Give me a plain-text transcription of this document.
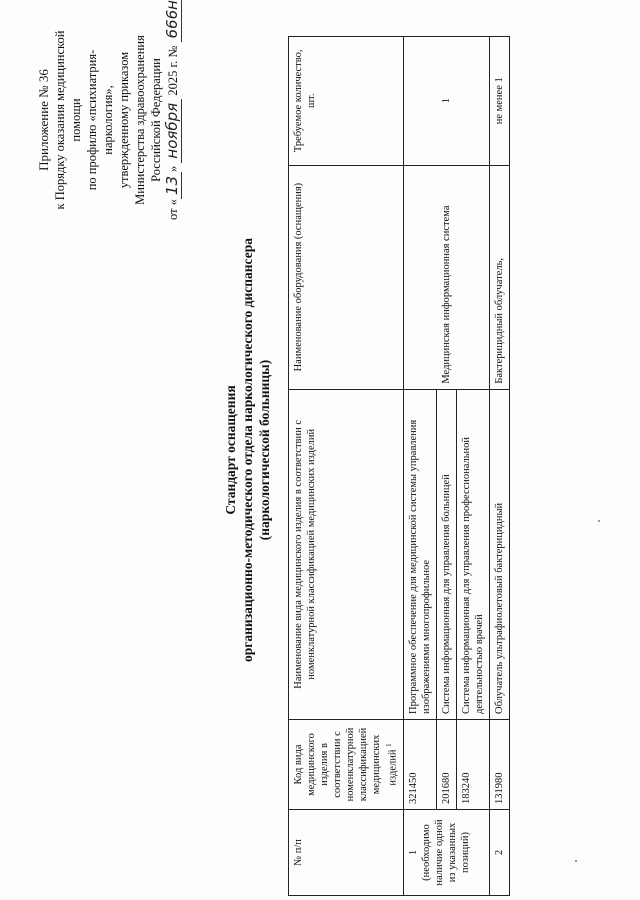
Приложение № 36 к Порядку оказания медицинской помощи по профилю «психиатрия-наркология», утвержденному приказом Министерства здравоохранения Российской Федерации
от «13» ноября 2025 г. № 666н
Стандарт оснащения организационно-методического отдела наркологического диспансера (наркологической больницы)
№ п/п	Код вида медицинского изделия в соответствии с номенклатурной классификацией медицинских изделий $^1$	Наименование вида медицинского изделия в соответствии с номенклатурной классификацией медицинских изделий	Наименование оборудования (оснащения)	Требуемое количество, шт.

1 (необходимо наличие одной из указанных позиций)	321450	Программное обеспечение для медицинской системы управления изображениями многопрофильное	Медицинская информационная система	1
	201680	Система информационная для управления больницей		
	183240	Система информационная для управления профессиональной деятельностью врачей		
2	131980	Облучатель ультрафиолетовый бактерицидный	Бактерицидный облучатель,	не менее 1
